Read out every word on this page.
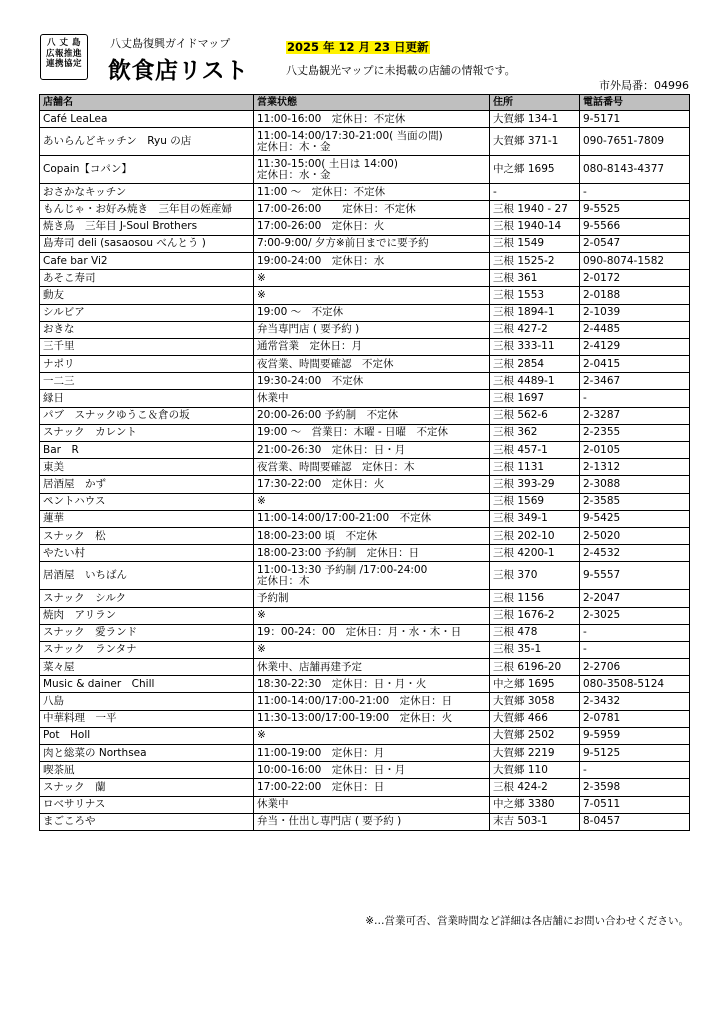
八 丈 島
広報推進
連携協定
八丈島復興ガイドマップ
飲食店リスト
2025 年 12 月 23 日更新
八丈島観光マップに未掲載の店舗の情報です。
市外局番：04996
店舗名	営業状態	住所	電話番号
Café LeaLea	11:00-16:00　定休日：不定休	大賀郷 134-1	9-5171
あいらんどキッチン　Ryu の店	11:00-14:00/17:30-21:00( 当面の間)
定休日：木・金	大賀郷 371-1	090-7651-7809
Copain【コパン】	11:30-15:00( 土日は 14:00)
定休日：水・金	中之郷 1695	080-8143-4377
おさかなキッチン	11:00 ～　定休日：不定休	-	-
もんじゃ・お好み焼き　三年目の姪産婦	17:00-26:00　　定休日：不定休	三根 1940 - 27	9-5525
焼き鳥　三年目 J-Soul Brothers	17:00-26:00　定休日：火	三根 1940-14	9-5566
島寿司 deli (sasaosou べんとう )	7:00-9:00/ 夕方※前日までに要予約	三根 1549	2-0547
Cafe bar Vi2	19:00-24:00　定休日：水	三根 1525-2	090-8074-1582
あそこ寿司	※	三根 361	2-0172
動友	※	三根 1553	2-0188
シルビア	19:00 ～　不定休	三根 1894-1	2-1039
おきな	弁当専門店 ( 要予約 )	三根 427-2	2-4485
三千里	通常営業　定休日：月	三根 333-11	2-4129
ナポリ	夜営業、時間要確認　不定休	三根 2854	2-0415
一二三	19:30-24:00　不定休	三根 4489-1	2-3467
縁日	休業中	三根 1697	-
パブ　スナックゆうこ＆倉の坂	20:00-26:00 予約制　不定休	三根 562-6	2-3287
スナック　カレント	19:00 ～　営業日：木曜 - 日曜　不定休	三根 362	2-2355
Bar　R	21:00-26:30　定休日：日・月	三根 457-1	2-0105
東美	夜営業、時間要確認　定休日：木	三根 1131	2-1312
居酒屋　かず	17:30-22:00　定休日：火	三根 393-29	2-3088
ペントハウス	※	三根 1569	2-3585
蓮華	11:00-14:00/17:00-21:00　不定休	三根 349-1	9-5425
スナック　松	18:00-23:00 頃　不定休	三根 202-10	2-5020
やたい村	18:00-23:00 予約制　定休日：日	三根 4200-1	2-4532
居酒屋　いちばん	11:00-13:30 予約制 /17:00-24:00
定休日：木	三根 370	9-5557
スナック　シルク	予約制	三根 1156	2-2047
焼肉　アリラン	※	三根 1676-2	2-3025
スナック　愛ランド	19：00-24：00　定休日：月・水・木・日	三根 478	-
スナック　ランタナ	※	三根 35-1	-
菜々屋	休業中、店舗再建予定	三根 6196-20	2-2706
Music & dainer　Chill	18:30-22:30　定休日：日・月・火	中之郷 1695	080-3508-5124
八島	11:00-14:00/17:00-21:00　定休日：日	大賀郷 3058	2-3432
中華料理　一平	11:30-13:00/17:00-19:00　定休日：火	大賀郷 466	2-0781
Pot　Holl	※	大賀郷 2502	9-5959
肉と総菜の Northsea	11:00-19:00　定休日：月	大賀郷 2219	9-5125
喫茶凪	10:00-16:00　定休日：日・月	大賀郷 110	-
スナック　蘭	17:00-22:00　定休日：日	三根 424-2	2-3598
ロベサリナス	休業中	中之郷 3380	7-0511
まごころや	弁当・仕出し専門店 ( 要予約 )	末吉 503-1	8-0457
※…営業可否、営業時間など詳細は各店舗にお問い合わせください。
